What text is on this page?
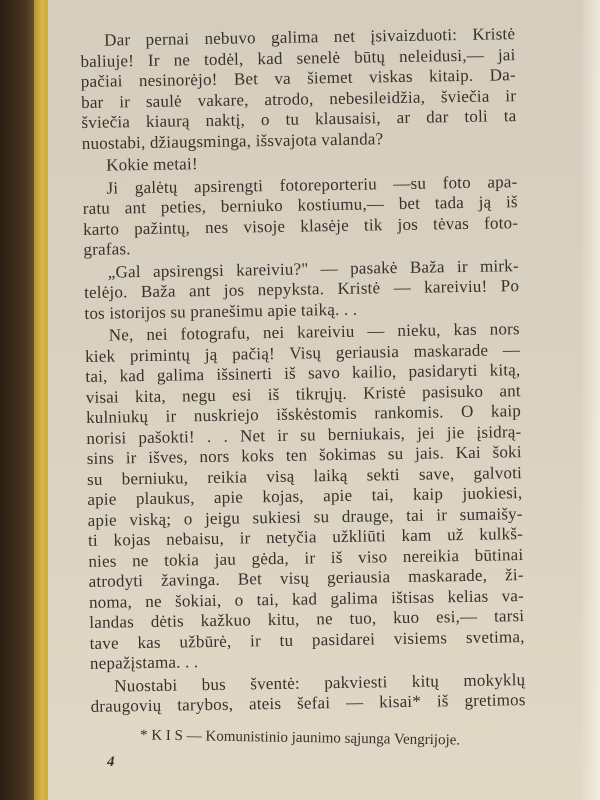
Dar pernai nebuvo galima net įsivaizduoti: Kristė
baliuje! Ir ne todėl, kad senelė būtų neleidusi,— jai
pačiai nesinorėjo! Bet va šiemet viskas kitaip. Da-
bar ir saulė vakare, atrodo, nebesileidžia, šviečia ir
šviečia kiaurą naktį, o tu klausaisi, ar dar toli ta
nuostabi, džiaugsminga, išsvajota valanda?
Kokie metai!
Ji galėtų apsirengti fotoreporteriu —su foto apa-
ratu ant peties, berniuko kostiumu,— bet tada ją iš
karto pažintų, nes visoje klasėje tik jos tėvas foto-
grafas.
„Gal apsirengsi kareiviu?" — pasakė Baža ir mirk-
telėjo. Baža ant jos nepyksta. Kristė — kareiviu! Po
tos istorijos su pranešimu apie taiką. . .
Ne, nei fotografu, nei kareiviu — nieku, kas nors
kiek primintų ją pačią! Visų geriausia maskarade —
tai, kad galima išsinerti iš savo kailio, pasidaryti kitą,
visai kita, negu esi iš tikrųjų. Kristė pasisuko ant
kulniukų ir nuskriejo išskėstomis rankomis. O kaip
norisi pašokti! . . Net ir su berniukais, jei jie įsidrą-
sins ir išves, nors koks ten šokimas su jais. Kai šoki
su berniuku, reikia visą laiką sekti save, galvoti
apie plaukus, apie kojas, apie tai, kaip juokiesi,
apie viską; o jeigu sukiesi su drauge, tai ir sumaišy-
ti kojas nebaisu, ir netyčia užkliūti kam už kulkš-
nies ne tokia jau gėda, ir iš viso nereikia būtinai
atrodyti žavinga. Bet visų geriausia maskarade, ži-
noma, ne šokiai, o tai, kad galima ištisas kelias va-
landas dėtis kažkuo kitu, ne tuo, kuo esi,— tarsi
tave kas užbūrė, ir tu pasidarei visiems svetima,
nepažįstama. . .
Nuostabi bus šventė: pakviesti kitų mokyklų
draugovių tarybos, ateis šefai — kisai* iš gretimos
* K I S — Komunistinio jaunimo sąjunga Vengrijoje.
4
